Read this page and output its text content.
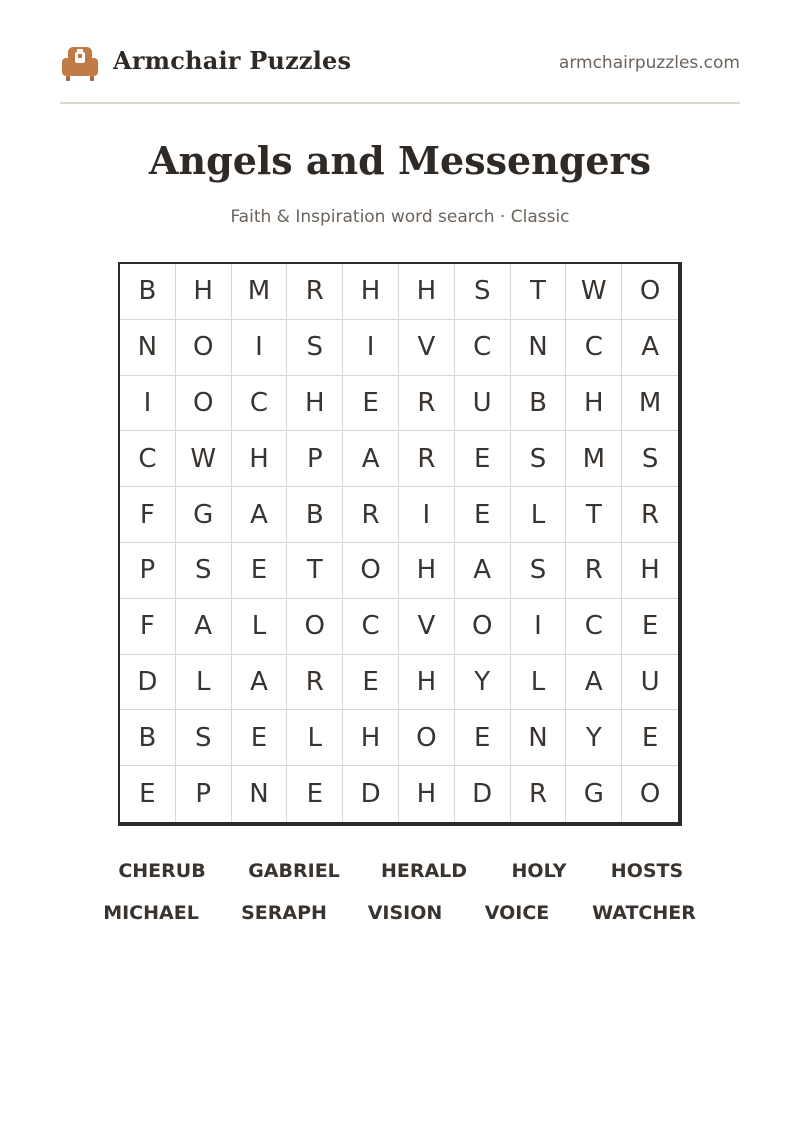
Armchair Puzzles	armchairpuzzles.com
Angels and Messengers
Faith & Inspiration word search · Classic
B	H	M	R	H	H	S	T	W	O
N	O	I	S	I	V	C	N	C	A
I	O	C	H	E	R	U	B	H	M
C	W	H	P	A	R	E	S	M	S
F	G	A	B	R	I	E	L	T	R
P	S	E	T	O	H	A	S	R	H
F	A	L	O	C	V	O	I	C	E
D	L	A	R	E	H	Y	L	A	U
B	S	E	L	H	O	E	N	Y	E
E	P	N	E	D	H	D	R	G	O
CHERUB GABRIEL HERALD HOLY HOSTS
MICHAEL SERAPH VISION VOICE WATCHER
